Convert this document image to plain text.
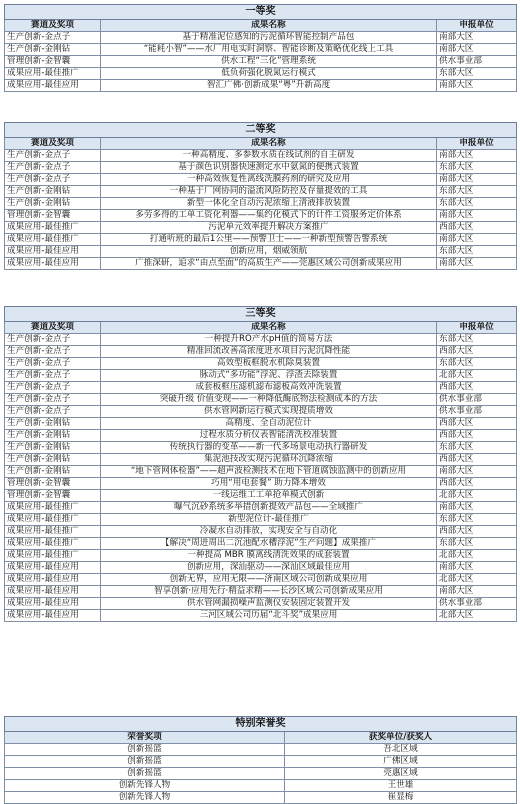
一等奖		
赛道及奖项	成果名称	申报单位
生产创新-金点子	基于精准泥位感知的污泥循环智能控制产品包	南部大区
生产创新-金刚钻	“能耗小智”——水厂用电实时洞察、智能诊断及策略优化线上工具	南部大区
管理创新-金智囊	供水工程“三化”管理系统	供水事业部
成果应用-最佳推广	低负荷强化脱氮运行模式	东部大区
成果应用-最佳应用	智汇广佛·创新成果“粤”升新高度	南部大区
二等奖		
赛道及奖项	成果名称	申报单位
生产创新-金点子	一种高精度、多参数水质在线试剂的自主研发	南部大区
生产创新-金点子	基于颜色识别器快速测定水中氨氮的便携式装置	东部大区
生产创新-金点子	一种高效恢复性离线洗膜药剂的研究及应用	南部大区
生产创新-金刚钻	一种基于厂网协同的溢流风险防控及存量提效的工具	东部大区
生产创新-金刚钻	新型一体化全自动污泥浓缩上清液排放装置	东部大区
管理创新-金智囊	多劳多得的工单工资化利器——集约化模式下的计件工资服务定价体系	南部大区
成果应用-最佳推广	污泥单元效率提升解决方案推广	西部大区
成果应用-最佳推广	打通听班的最后1公里——预警卫士——一种新型预警告警系统	南部大区
成果应用-最佳应用	创新应用，烟威领航	东部大区
成果应用-最佳应用	广推深研，追求“由点至面”的高质生产——莞惠区域公司创新成果应用	南部大区
三等奖		
赛道及奖项	成果名称	申报单位
生产创新-金点子	一种提升RO产水pH值的简易方法	东部大区
生产创新-金点子	精准回流改善高浓度进水项目污泥沉降性能	西部大区
生产创新-金点子	高效型板框脱水机除臭装置	东部大区
生产创新-金点子	脉动式“多功能”浮泥、浮渣去除装置	北部大区
生产创新-金点子	成套板框压滤机滤布滤板高效冲洗装置	西部大区
生产创新-金点子	突破升级 价值变现——一种降低酶底物法检测成本的方法	供水事业部
生产创新-金点子	供水管网新运行模式实现提质增效	供水事业部
生产创新-金刚钻	高精度、全自动泥位计	西部大区
生产创新-金刚钻	过程水质分析仪表智能清洗校准装置	西部大区
生产创新-金刚钻	传统执行器的变革——新一代多场景电动执行器研发	东部大区
生产创新-金刚钻	集泥池技改实现污泥循环沉降浓缩	西部大区
生产创新-金刚钻	“地下管网体检器”——超声波检测技术在地下管道腐蚀监测中的创新应用	南部大区
管理创新-金智囊	巧用“用电套餐” 助力降本增效	西部大区
管理创新-金智囊	一线运维工工单抢单模式创新	北部大区
成果应用-最佳推广	曝气沉砂系统多举措创新提效产品包——全域推广	南部大区
成果应用-最佳推广	新型泥位计-最佳推广	东部大区
成果应用-最佳推广	冷凝水自动排放，实现安全与自动化	西部大区
成果应用-最佳推广	【解决“周进周出二沉池配水槽浮泥”生产问题】成果推广	东部大区
成果应用-最佳推广	一种提高 MBR 膜离线清洗效果的成套装置	北部大区
成果应用-最佳应用	创新应用，深汕驱动——深汕区域最佳应用	南部大区
成果应用-最佳应用	创新无界，应用无限——济南区域公司创新成果应用	北部大区
成果应用-最佳应用	智享创新·应用先行·精益求精——长沙区域公司创新成果应用	南部大区
成果应用-最佳应用	供水管网漏损噪声监测仪安装固定装置开发	供水事业部
成果应用-最佳应用	三河区域公司历届“北斗奖”成果应用	北部大区
特别荣誉奖	
荣誉奖项	获奖单位/获奖人
创新摇篮	吾北区域
创新摇篮	广佛区域
创新摇篮	莞惠区域
创新先锋人物	王世雄
创新先锋人物	崔显梅
